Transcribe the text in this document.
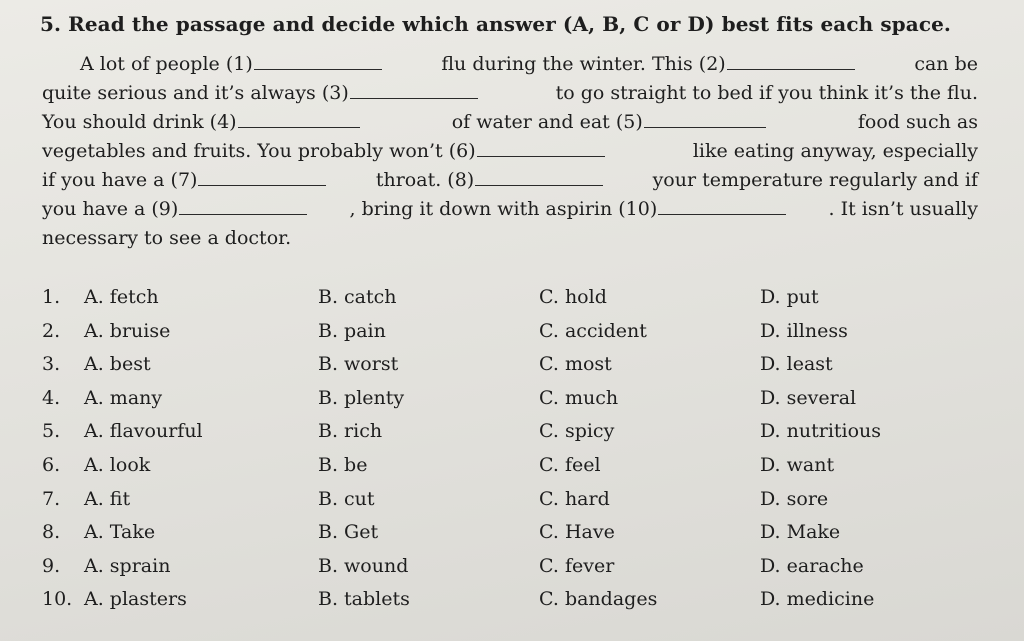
5. Read the passage and decide which answer (A, B, C or D) best fits each space.
A lot of people (1)	flu during the winter. This (2)	can be
quite serious and it’s always (3)	to go straight to bed if you think it’s the flu.
You should drink (4)	of water and eat (5)	food such as
vegetables and fruits. You probably won’t (6)	like eating anyway, especially
if you have a (7)	throat. (8)	your temperature regularly and if
you have a (9)	, bring it down with aspirin (10)	. It isn’t usually
necessary to see a doctor.
1. A. fetch	B. catch	C. hold	D. put
2. A. bruise	B. pain	C. accident	D. illness
3. A. best	B. worst	C. most	D. least
4. A. many	B. plenty	C. much	D. several
5. A. flavourful	B. rich	C. spicy	D. nutritious
6. A. look	B. be	C. feel	D. want
7. A. fit	B. cut	C. hard	D. sore
8. A. Take	B. Get	C. Have	D. Make
9. A. sprain	B. wound	C. fever	D. earache
10. A. plasters	B. tablets	C. bandages	D. medicine
